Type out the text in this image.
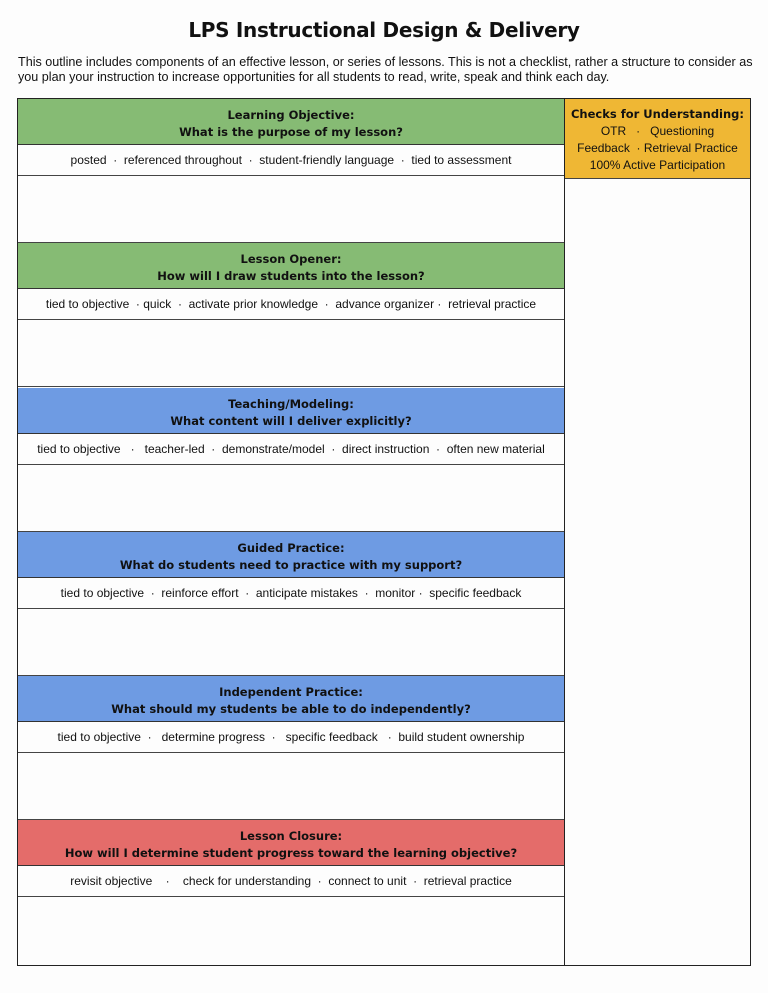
LPS Instructional Design & Delivery
This outline includes components of an effective lesson, or series of lessons. This is not a checklist, rather a structure to consider as you plan your instruction to increase opportunities for all students to read, write, speak and think each day.
Learning Objective:
What is the purpose of my lesson?
posted  ·  referenced throughout  ·  student-friendly language  ·  tied to assessment
Lesson Opener:
How will I draw students into the lesson?
tied to objective  · quick  ·  activate prior knowledge  ·  advance organizer ·  retrieval practice
Teaching/Modeling:
What content will I deliver explicitly?
tied to objective   ·   teacher-led  ·  demonstrate/model  ·  direct instruction  ·  often new material
Guided Practice:
What do students need to practice with my support?
tied to objective  ·  reinforce effort  ·  anticipate mistakes  ·  monitor ·  specific feedback
Independent Practice:
What should my students be able to do independently?
tied to objective  ·   determine progress  ·   specific feedback   ·  build student ownership
Lesson Closure:
How will I determine student progress toward the learning objective?
revisit objective    ·    check for understanding  ·  connect to unit  ·  retrieval practice
Checks for Understanding:
OTR   ·   Questioning
Feedback  · Retrieval Practice
100% Active Participation
